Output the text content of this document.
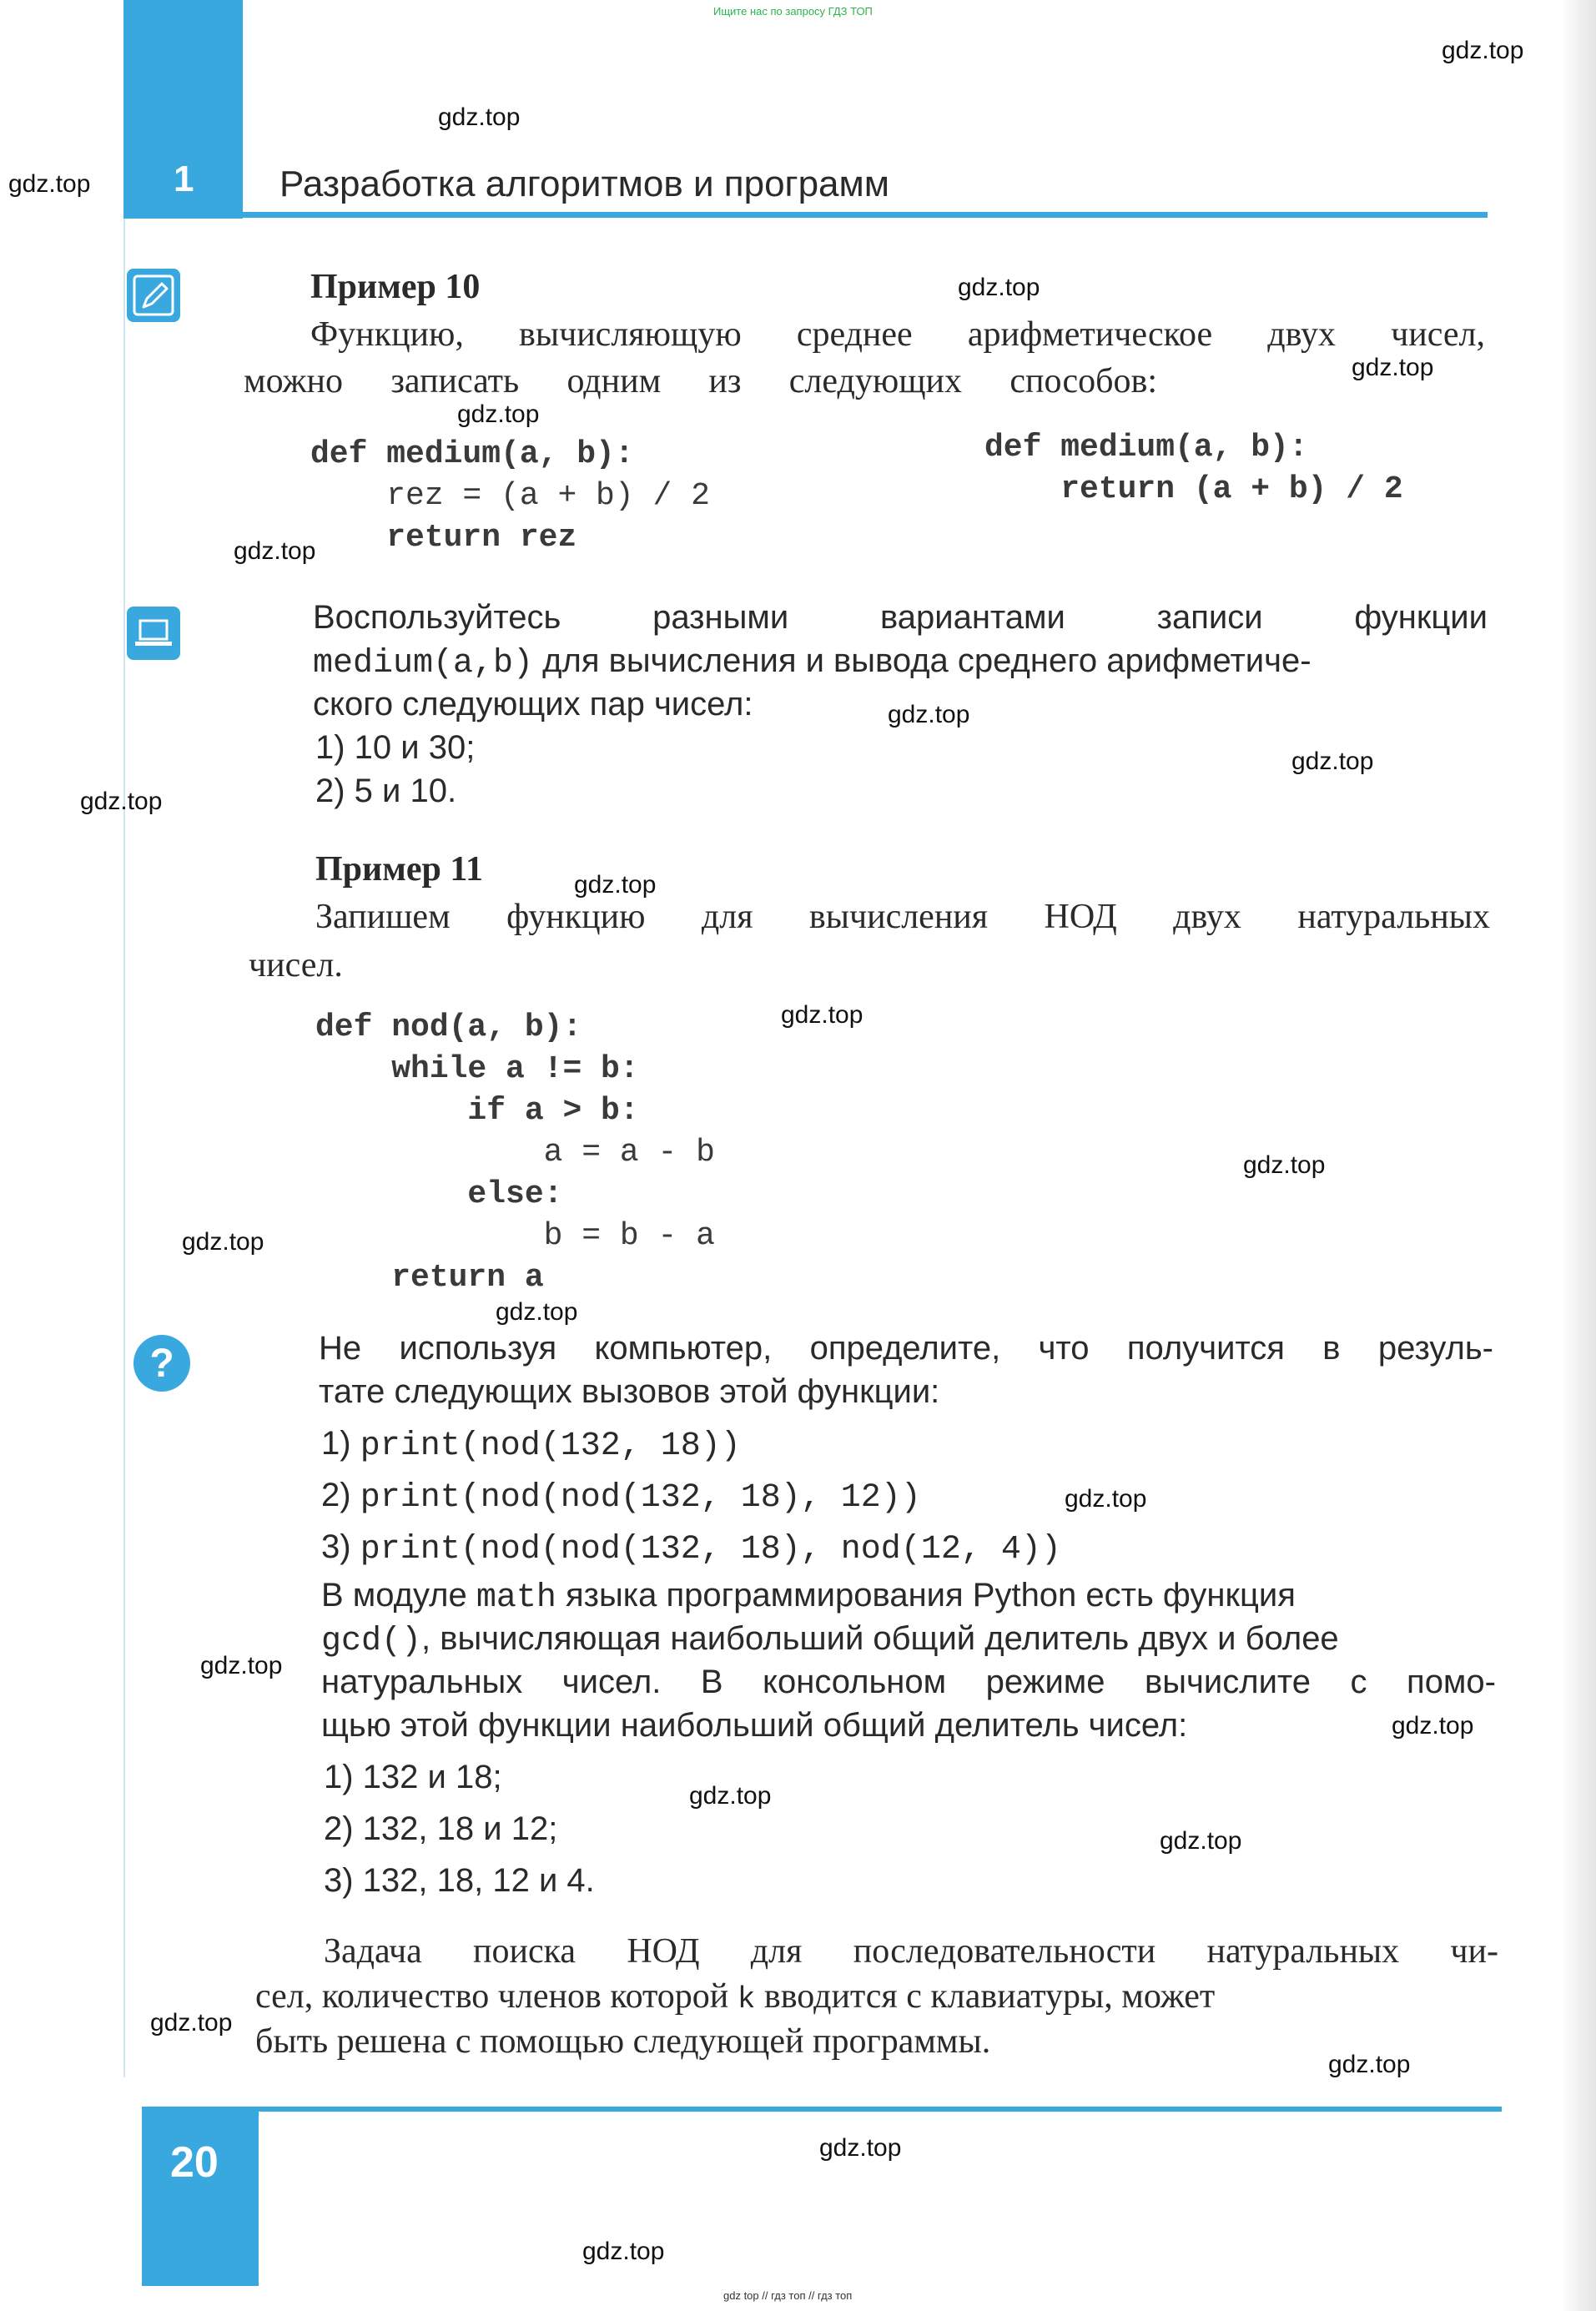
Ищите нас по запросу ГДЗ ТОП
1 Разработка алгоритмов и программ
?
Пример 10
Функцию, вычисляющую среднее арифметическое двух чисел,
можно записать одним из следующих способов:
def medium(a, b):
rez = (a + b) / 2
return rez
def medium(a, b):
return (a + b) / 2
Воспользуйтесь	разными	вариантами	записи	функции
medium(a,b) для вычисления и вывода среднего арифметиче-
ского следующих пар чисел:
1) 10 и 30;
2) 5 и 10.
Пример 11
Запишем функцию для вычисления НОД двух натуральных
чисел.
def nod(a, b):
while a != b:
if a > b:
a = a - b
else:
b = b - a
return a
Не используя компьютер, определите, что получится в резуль-
тате следующих вызовов этой функции:
1) print(nod(132, 18))
2) print(nod(nod(132, 18), 12))
3) print(nod(nod(132, 18), nod(12, 4))
В модуле math языка программирования Python есть функция
gcd(), вычисляющая наибольший общий делитель двух и более
натуральных чисел. В консольном режиме вычислите с помо-
щью этой функции наибольший общий делитель чисел:
1) 132 и 18;
2) 132, 18 и 12;
3) 132, 18, 12 и 4.
Задача поиска НОД для последовательности натуральных чи-
сел, количество членов которой k вводится с клавиатуры, может
быть решена с помощью следующей программы.
20
gdz top // гдз топ // гдз топ
gdz.top
gdz.top
gdz.top
gdz.top
gdz.top
gdz.top
gdz.top
gdz.top
gdz.top
gdz.top
gdz.top
gdz.top
gdz.top
gdz.top
gdz.top
gdz.top
gdz.top
gdz.top
gdz.top
gdz.top
gdz.top
gdz.top
gdz.top
gdz.top
